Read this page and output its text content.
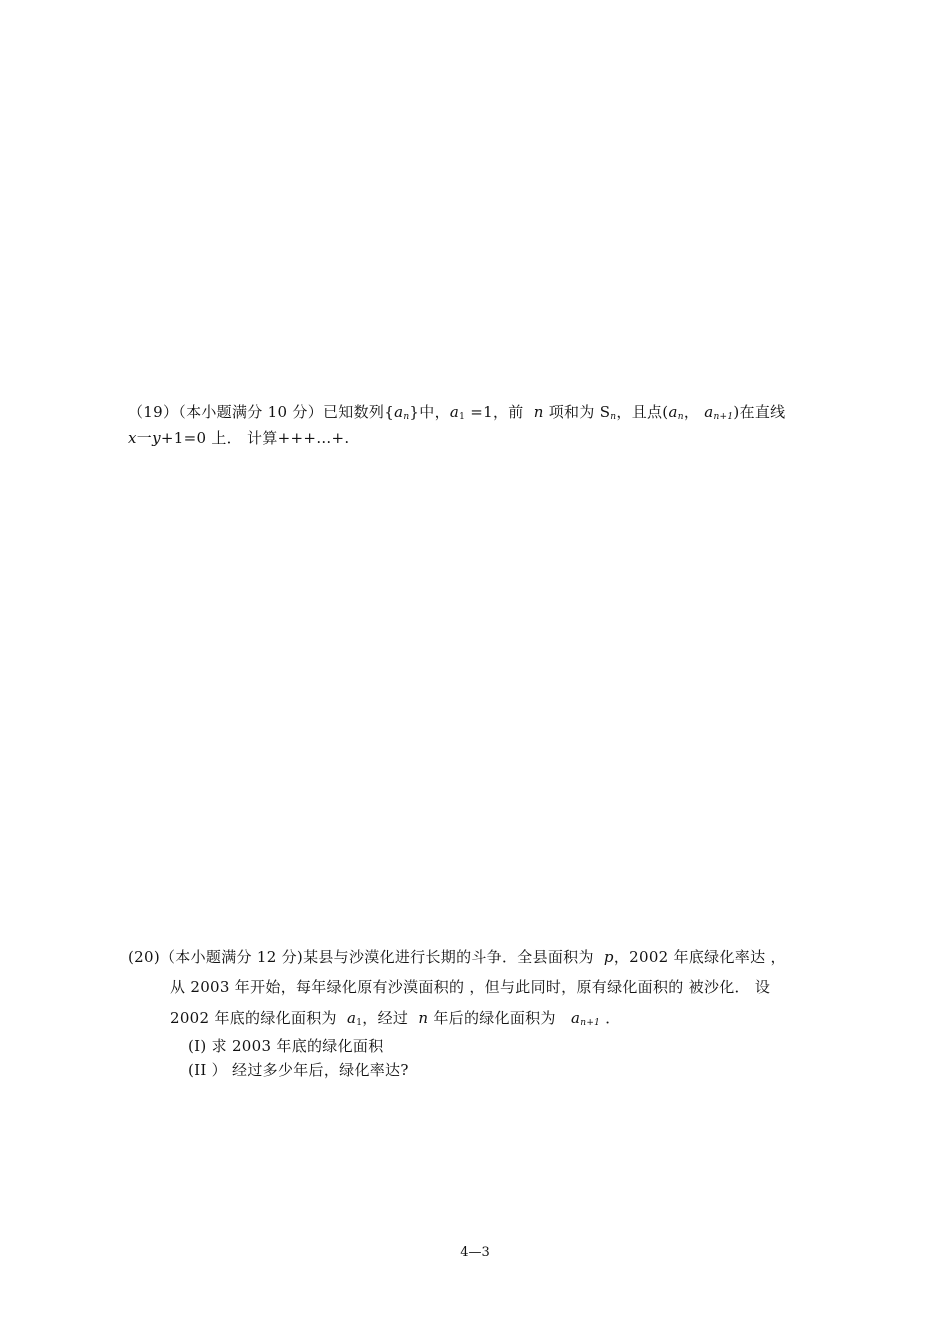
（19）（本小题满分 10 分）已知数列$\{a_n\}$中，$a_1 =1$，前 n 项和为 $S_n$，且点($a_n$， $a_{n+1}$)在直线
x一y+1=0 上． 计算+++…+.
(20)（本小题满分 12 分)某县与沙漠化进行长期的斗争．全县面积为 p，2002 年底绿化率达 ，
从 2003 年开始，每年绿化原有沙漠面积的 ，但与此同时，原有绿化面积的 被沙化． 设
2002 年底的绿化面积为 $a_1$，经过 n 年后的绿化面积为 $a_{n+1}$ ．
(I) 求 2003 年底的绿化面积
(II ） 经过多少年后，绿化率达?
4—3
